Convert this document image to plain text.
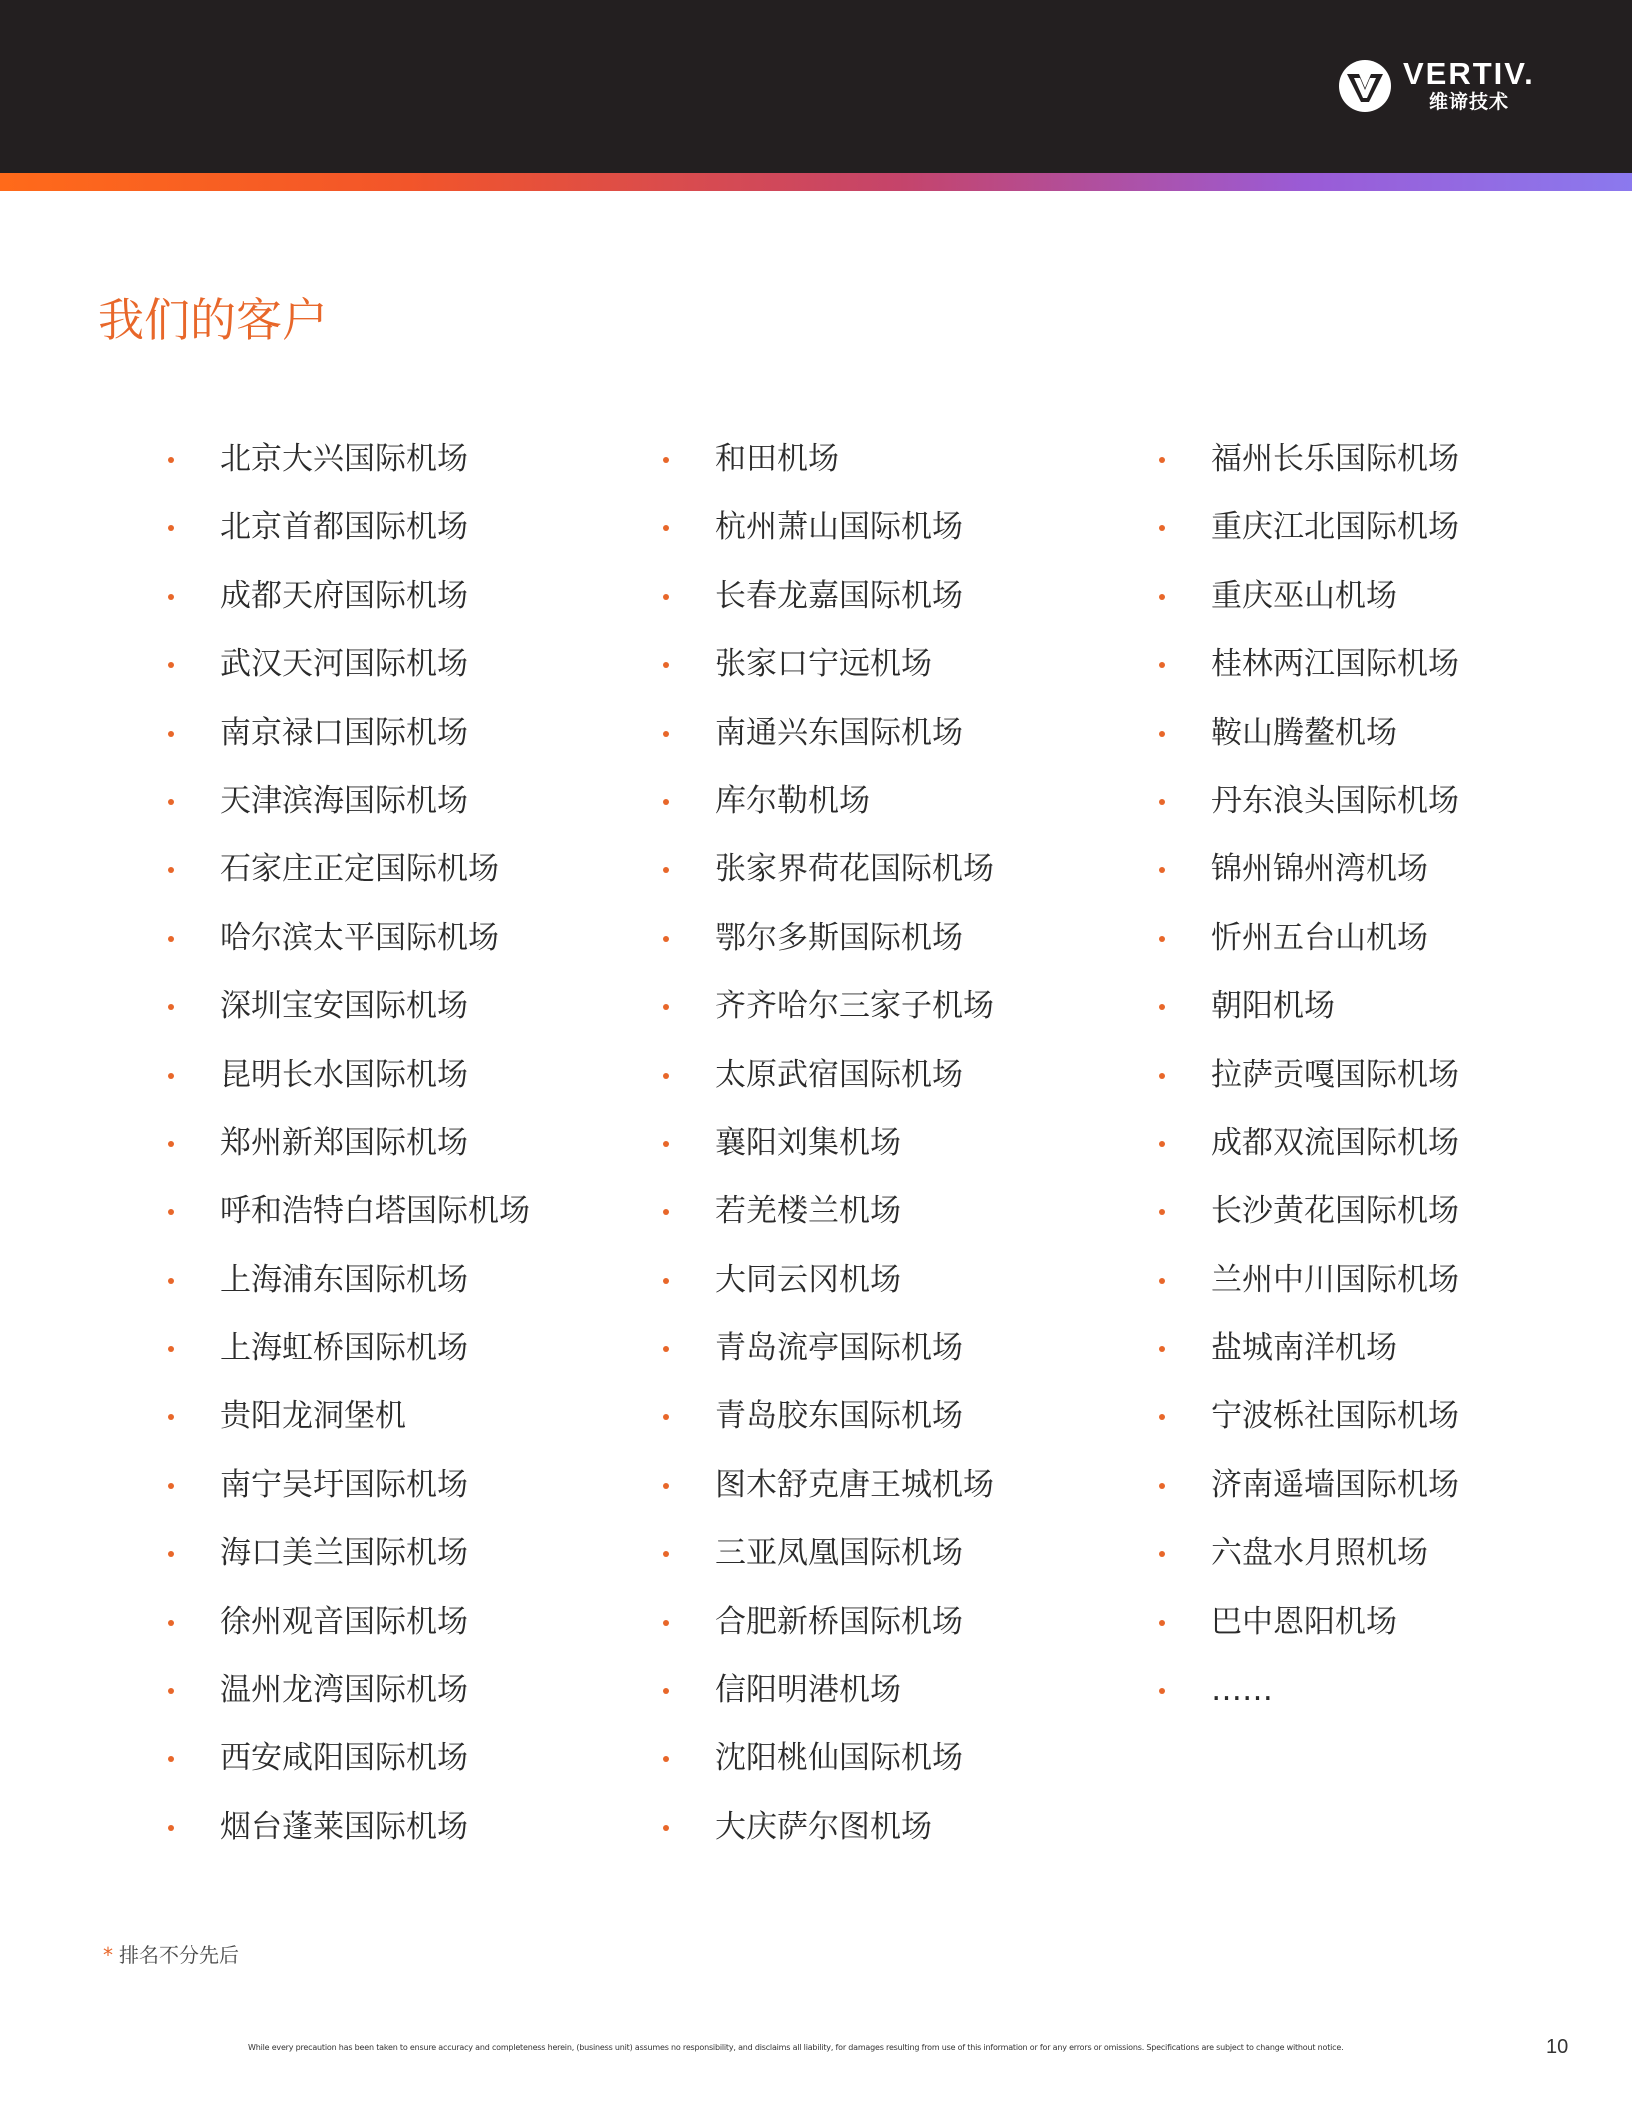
VERTIV.
维谛技术
我们的客户
北京大兴国际机场
北京首都国际机场
成都天府国际机场
武汉天河国际机场
南京禄口国际机场
天津滨海国际机场
石家庄正定国际机场
哈尔滨太平国际机场
深圳宝安国际机场
昆明长水国际机场
郑州新郑国际机场
呼和浩特白塔国际机场
上海浦东国际机场
上海虹桥国际机场
贵阳龙洞堡机
南宁吴圩国际机场
海口美兰国际机场
徐州观音国际机场
温州龙湾国际机场
西安咸阳国际机场
烟台蓬莱国际机场
和田机场
杭州萧山国际机场
长春龙嘉国际机场
张家口宁远机场
南通兴东国际机场
库尔勒机场
张家界荷花国际机场
鄂尔多斯国际机场
齐齐哈尔三家子机场
太原武宿国际机场
襄阳刘集机场
若羌楼兰机场
大同云冈机场
青岛流亭国际机场
青岛胶东国际机场
图木舒克唐王城机场
三亚凤凰国际机场
合肥新桥国际机场
信阳明港机场
沈阳桃仙国际机场
大庆萨尔图机场
福州长乐国际机场
重庆江北国际机场
重庆巫山机场
桂林两江国际机场
鞍山腾鳌机场
丹东浪头国际机场
锦州锦州湾机场
忻州五台山机场
朝阳机场
拉萨贡嘎国际机场
成都双流国际机场
长沙黄花国际机场
兰州中川国际机场
盐城南洋机场
宁波栎社国际机场
济南遥墙国际机场
六盘水月照机场
巴中恩阳机场
……
* 排名不分先后
While every precaution has been taken to ensure accuracy and completeness herein, (business unit) assumes no responsibility, and disclaims all liability, for damages resulting from use of this information or for any errors or omissions. Specifications are subject to change without notice.	10
